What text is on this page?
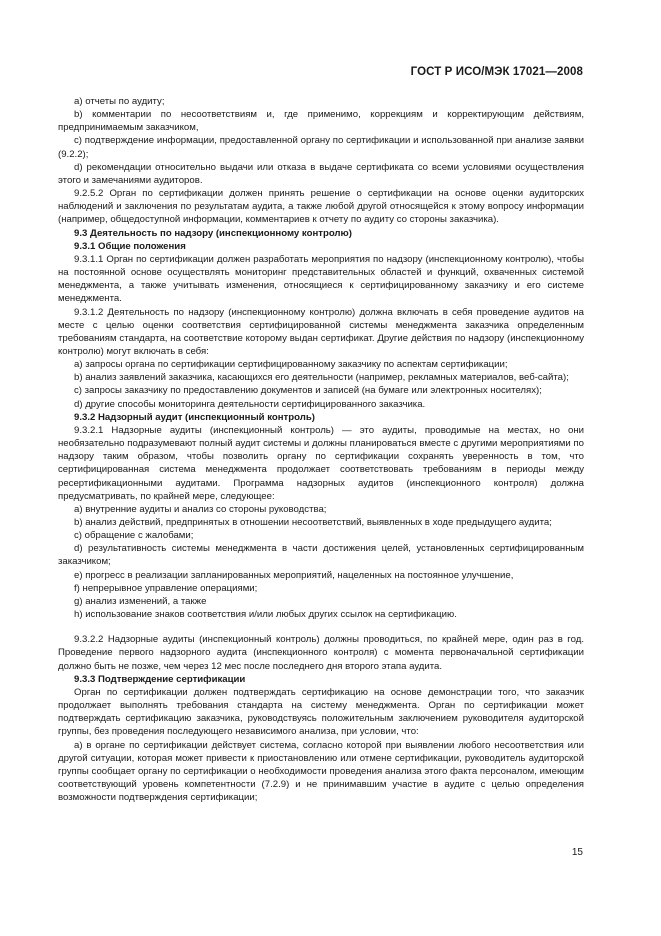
ГОСТ Р ИСО/МЭК 17021—2008

а) отчеты по аудиту;

b) комментарии по несоответствиям и, где применимо, коррекциям и корректирующим действиям, предпринимаемым заказчиком,

с) подтверждение информации, предоставленной органу по сертификации и использованной при анализе заявки (9.2.2);

d) рекомендации относительно выдачи или отказа в выдаче сертификата со всеми условиями осуществления этого и замечаниями аудиторов.

9.2.5.2 Орган по сертификации должен принять решение о сертификации на основе оценки аудиторских наблюдений и заключения по результатам аудита, а также любой другой относящейся к этому вопросу информации (например, общедоступной информации, комментариев к отчету по аудиту со стороны заказчика).

9.3 Деятельность по надзору (инспекционному контролю)

9.3.1 Общие положения

9.3.1.1 Орган по сертификации должен разработать мероприятия по надзору (инспекционному контролю), чтобы на постоянной основе осуществлять мониторинг представительных областей и функций, охваченных системой менеджмента, а также учитывать изменения, относящиеся к сертифицированному заказчику и его системе менеджмента.

9.3.1.2 Деятельность по надзору (инспекционному контролю) должна включать в себя проведение аудитов на месте с целью оценки соответствия сертифицированной системы менеджмента заказчика определенным требованиям стандарта, на соответствие которому выдан сертификат. Другие действия по надзору (инспекционному контролю) могут включать в себя:

а) запросы органа по сертификации сертифицированному заказчику по аспектам сертификации;

b) анализ заявлений заказчика, касающихся его деятельности (например, рекламных материалов, веб-сайта);

с) запросы заказчику по предоставлению документов и записей (на бумаге или электронных носителях);

d) другие способы мониторинга деятельности сертифицированного заказчика.

9.3.2 Надзорный аудит (инспекционный контроль)

9.3.2.1 Надзорные аудиты (инспекционный контроль) — это аудиты, проводимые на местах, но они необязательно подразумевают полный аудит системы и должны планироваться вместе с другими мероприятиями по надзору таким образом, чтобы позволить органу по сертификации сохранять уверенность в том, что сертифицированная система менеджмента продолжает соответствовать требованиям в периоды между ресертификационными аудитами. Программа надзорных аудитов (инспекционного контроля) должна предусматривать, по крайней мере, следующее:

а) внутренние аудиты и анализ со стороны руководства;

b) анализ действий, предпринятых в отношении несоответствий, выявленных в ходе предыдущего аудита;

с) обращение с жалобами;

d) результативность системы менеджмента в части достижения целей, установленных сертифицированным заказчиком;

е) прогресс в реализации запланированных мероприятий, нацеленных на постоянное улучшение,

f) непрерывное управление операциями;

g) анализ изменений, а также

h) использование знаков соответствия и/или любых других ссылок на сертификацию.

9.3.2.2 Надзорные аудиты (инспекционный контроль) должны проводиться, по крайней мере, один раз в год. Проведение первого надзорного аудита (инспекционного контроля) с момента первоначальной сертификации должно быть не позже, чем через 12 мес после последнего дня второго этапа аудита.

9.3.3 Подтверждение сертификации

Орган по сертификации должен подтверждать сертификацию на основе демонстрации того, что заказчик продолжает выполнять требования стандарта на систему менеджмента. Орган по сертификации может подтверждать сертификацию заказчика, руководствуясь положительным заключением руководителя аудиторской группы, без проведения последующего независимого анализа, при условии, что:

а) в органе по сертификации действует система, согласно которой при выявлении любого несоответствия или другой ситуации, которая может привести к приостановлению или отмене сертификации, руководитель аудиторской группы сообщает органу по сертификации о необходимости проведения анализа этого факта персоналом, имеющим соответствующий уровень компетентности (7.2.9) и не принимавшим участие в аудите с целью определения возможности подтверждения сертификации;

15
